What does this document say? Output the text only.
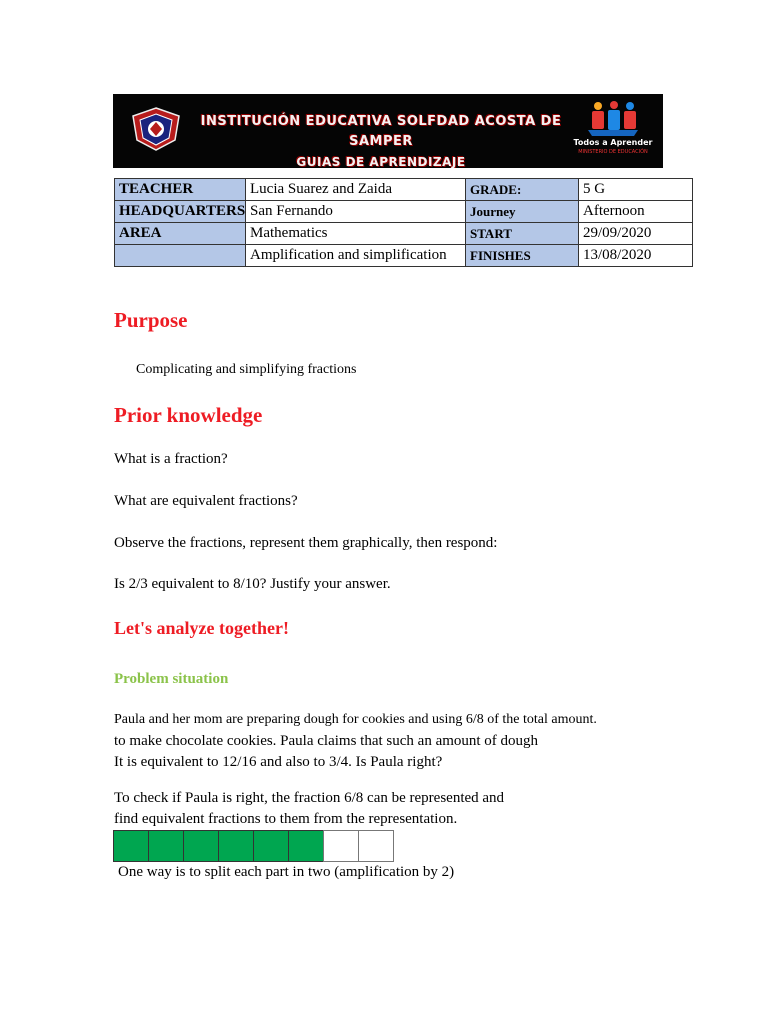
INSTITUCIÓN EDUCATIVA SOLFDAD ACOSTA DE SAMPER
GUIAS DE APRENDIZAJE
Todos a Aprender
MINISTERIO DE EDUCACIÓN
TEACHER	Lucia Suarez and Zaida	GRADE:	5 G
HEADQUARTERS	San Fernando	Journey	Afternoon
AREA	Mathematics	START	29/09/2020
	Amplification and simplification	FINISHES	13/08/2020
Purpose

Complicating and simplifying fractions

Prior knowledge

What is a fraction?

What are equivalent fractions?

Observe the fractions, represent them graphically, then respond:

Is 2/3 equivalent to 8/10? Justify your answer.

Let's analyze together!
Problem situation

Paula and her mom are preparing dough for cookies and using 6/8 of the total amount.

to make chocolate cookies. Paula claims that such an amount of dough

It is equivalent to 12/16 and also to 3/4. Is Paula right?

To check if Paula is right, the fraction 6/8 can be represented and

find equivalent fractions to them from the representation.

One way is to split each part in two (amplification by 2)
